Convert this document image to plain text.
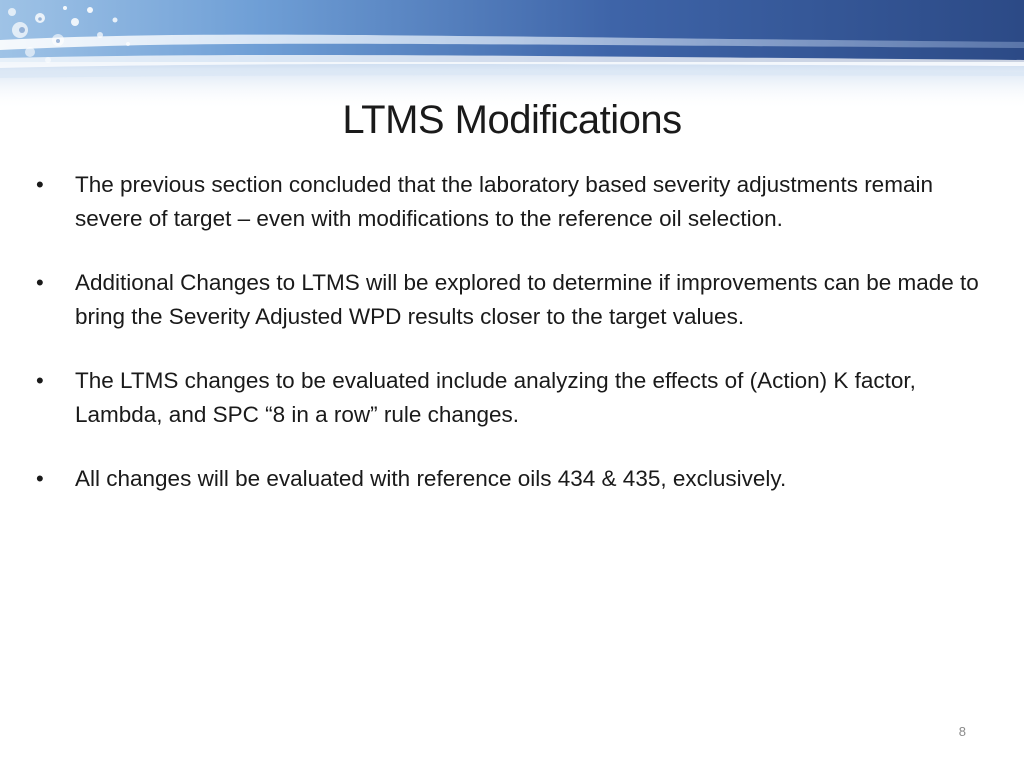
LTMS Modifications
• The previous section concluded that the laboratory based severity adjustments remain severe of target – even with modifications to the reference oil selection.
• Additional Changes to LTMS will be explored to determine if improvements can be made to bring the Severity Adjusted WPD results closer to the target values.
• The LTMS changes to be evaluated include analyzing the effects of (Action) K factor, Lambda, and SPC “8 in a row” rule changes.
• All changes will be evaluated with reference oils 434 & 435, exclusively.
8
